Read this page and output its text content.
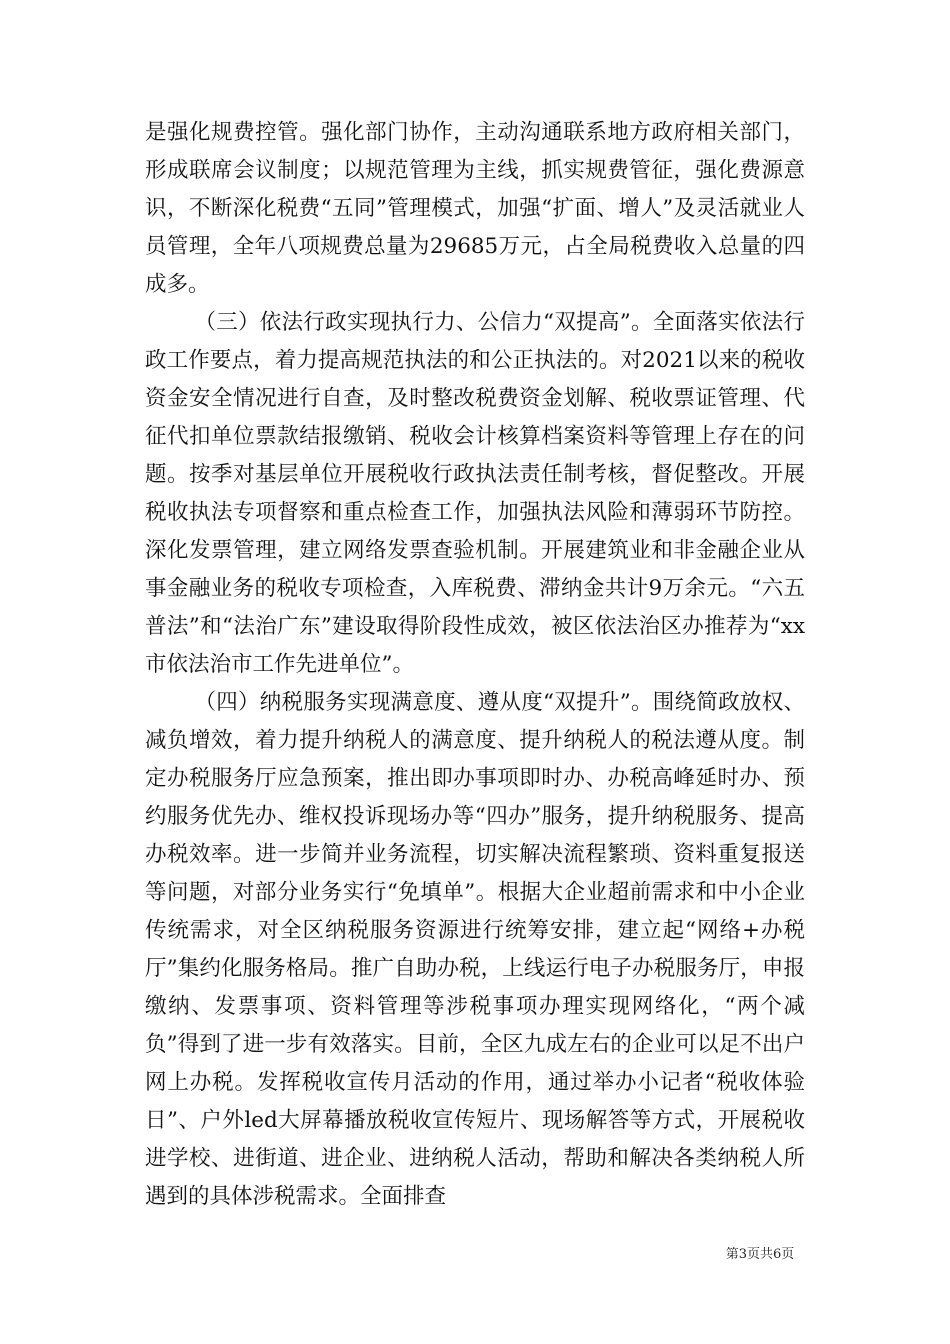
是强化规费控管。强化部门协作，主动沟通联系地方政府相关部门，形成联席会议制度；以规范管理为主线，抓实规费管征，强化费源意识，不断深化税费“五同”管理模式，加强“扩面、增人”及灵活就业人员管理，全年八项规费总量为29685万元，占全局税费收入总量的四成多。

（三）依法行政实现执行力、公信力“双提高”。全面落实依法行政工作要点，着力提高规范执法的和公正执法的。对2021以来的税收资金安全情况进行自查，及时整改税费资金划解、税收票证管理、代征代扣单位票款结报缴销、税收会计核算档案资料等管理上存在的问题。按季对基层单位开展税收行政执法责任制考核，督促整改。开展税收执法专项督察和重点检查工作，加强执法风险和薄弱环节防控。深化发票管理，建立网络发票查验机制。开展建筑业和非金融企业从事金融业务的税收专项检查，入库税费、滞纳金共计9万余元。“六五普法”和“法治广东”建设取得阶段性成效，被区依法治区办推荐为“xx市依法治市工作先进单位”。

（四）纳税服务实现满意度、遵从度“双提升”。围绕简政放权、减负增效，着力提升纳税人的满意度、提升纳税人的税法遵从度。制定办税服务厅应急预案，推出即办事项即时办、办税高峰延时办、预约服务优先办、维权投诉现场办等“四办”服务，提升纳税服务、提高办税效率。进一步简并业务流程，切实解决流程繁琐、资料重复报送等问题，对部分业务实行“免填单”。根据大企业超前需求和中小企业传统需求，对全区纳税服务资源进行统筹安排，建立起“网络+办税厅”集约化服务格局。推广自助办税，上线运行电子办税服务厅，申报缴纳、发票事项、资料管理等涉税事项办理实现网络化，“两个减负”得到了进一步有效落实。目前，全区九成左右的企业可以足不出户网上办税。发挥税收宣传月活动的作用，通过举办小记者“税收体验日”、户外led大屏幕播放税收宣传短片、现场解答等方式，开展税收进学校、进街道、进企业、进纳税人活动，帮助和解决各类纳税人所遇到的具体涉税需求。全面排查

第3页共6页
